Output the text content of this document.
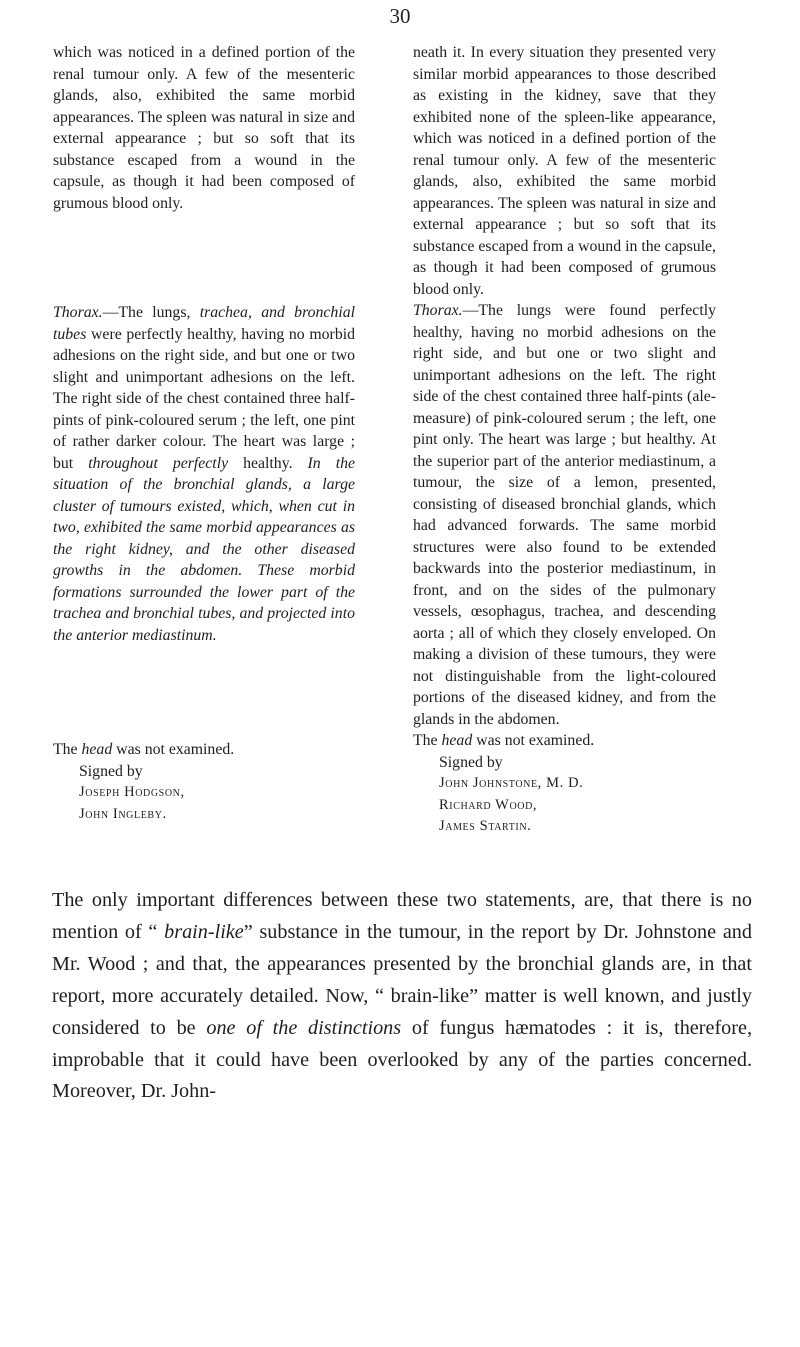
30

which was noticed in a defined portion of the renal tumour only. A few of the mesenteric glands, also, exhibited the same morbid appearances. The spleen was natural in size and external appearance ; but so soft that its substance escaped from a wound in the capsule, as though it had been composed of grumous blood only.

Thorax.—The lungs, trachea, and bronchial tubes were perfectly healthy, having no morbid adhesions on the right side, and but one or two slight and unimportant adhesions on the left. The right side of the chest contained three half-pints of pink-coloured serum ; the left, one pint of rather darker colour. The heart was large ; but throughout perfectly healthy. In the situation of the bronchial glands, a large cluster of tumours existed, which, when cut in two, exhibited the same morbid appearances as the right kidney, and the other diseased growths in the abdomen. These morbid formations surrounded the lower part of the trachea and bronchial tubes, and projected into the anterior mediastinum.

The head was not examined.

Signed by
Joseph Hodgson,
John Ingleby.

neath it. In every situation they presented very similar morbid appearances to those described as existing in the kidney, save that they exhibited none of the spleen-like appearance, which was noticed in a defined portion of the renal tumour only. A few of the mesenteric glands, also, exhibited the same morbid appearances. The spleen was natural in size and external appearance ; but so soft that its substance escaped from a wound in the capsule, as though it had been composed of grumous blood only.

Thorax.—The lungs were found perfectly healthy, having no morbid adhesions on the right side, and but one or two slight and unimportant adhesions on the left. The right side of the chest contained three half-pints (ale-measure) of pink-coloured serum ; the left, one pint only. The heart was large ; but healthy. At the superior part of the anterior mediastinum, a tumour, the size of a lemon, presented, consisting of diseased bronchial glands, which had advanced forwards. The same morbid structures were also found to be extended backwards into the posterior mediastinum, in front, and on the sides of the pulmonary vessels, œsophagus, trachea, and descending aorta ; all of which they closely enveloped. On making a division of these tumours, they were not distinguishable from the light-coloured portions of the diseased kidney, and from the glands in the abdomen.

The head was not examined.

Signed by
John Johnstone, M. D.
Richard Wood,
James Startin.

The only important differences between these two statements, are, that there is no mention of “ brain-like” substance in the tumour, in the report by Dr. Johnstone and Mr. Wood ; and that, the appearances presented by the bronchial glands are, in that report, more accurately detailed. Now, “ brain-like” matter is well known, and justly considered to be one of the distinctions of fungus hæmatodes : it is, therefore, improbable that it could have been overlooked by any of the parties concerned. Moreover, Dr. John-
